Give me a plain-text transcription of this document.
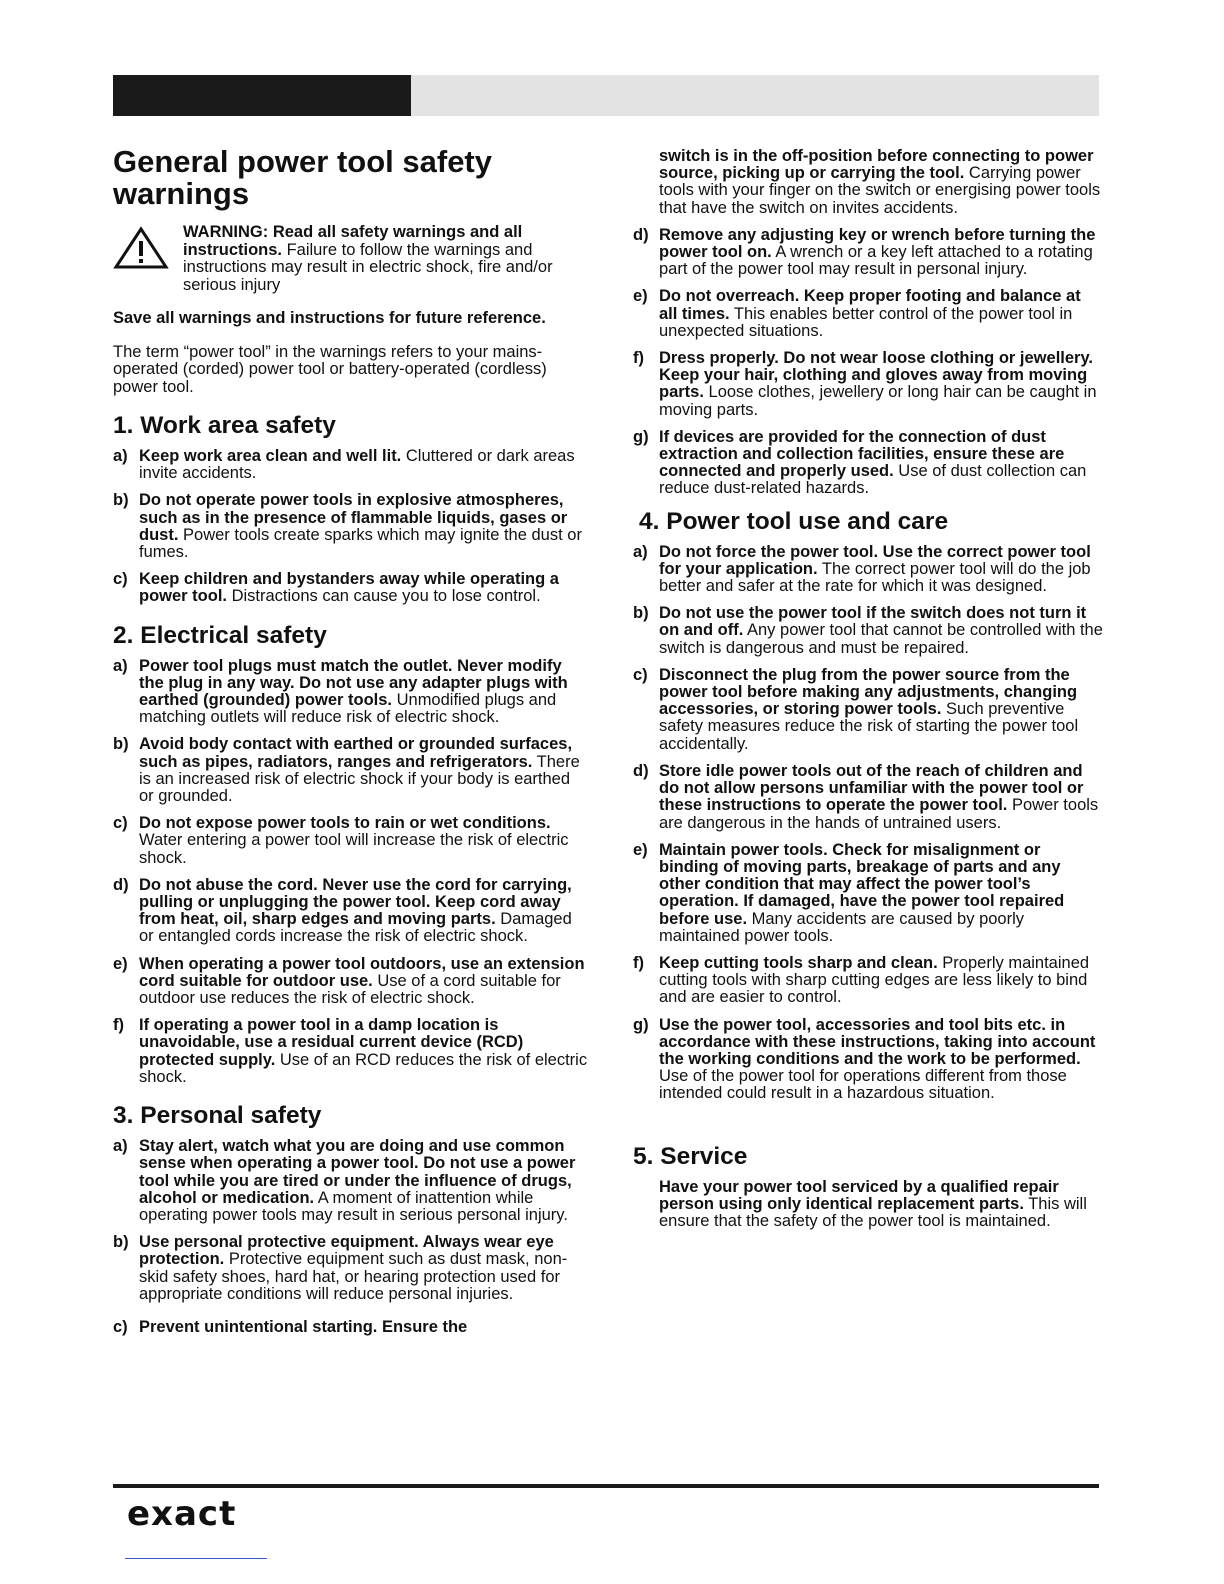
General power tool safety warnings

WARNING: Read all safety warnings and all instructions. Failure to follow the warnings and instructions may result in electric shock, fire and/or serious injury

Save all warnings and instructions for future reference.

The term “power tool” in the warnings refers to your mains-operated (corded) power tool or battery-operated (cordless) power tool.

1. Work area safety
a) Keep work area clean and well lit. Cluttered or dark areas invite accidents.
b) Do not operate power tools in explosive atmospheres, such as in the presence of flammable liquids, gases or dust. Power tools create sparks which may ignite the dust or fumes.
c) Keep children and bystanders away while operating a power tool. Distractions can cause you to lose control.
2. Electrical safety
a) Power tool plugs must match the outlet. Never modify the plug in any way. Do not use any adapter plugs with earthed (grounded) power tools. Unmodified plugs and matching outlets will reduce risk of electric shock.
b) Avoid body contact with earthed or grounded surfaces, such as pipes, radiators, ranges and refrigerators. There is an increased risk of electric shock if your body is earthed or grounded.
c) Do not expose power tools to rain or wet conditions. Water entering a power tool will increase the risk of electric shock.
d) Do not abuse the cord. Never use the cord for carrying, pulling or unplugging the power tool. Keep cord away from heat, oil, sharp edges and moving parts. Damaged or entangled cords increase the risk of electric shock.
e) When operating a power tool outdoors, use an extension cord suitable for outdoor use. Use of a cord suitable for outdoor use reduces the risk of electric shock.
f) If operating a power tool in a damp location is unavoidable, use a residual current device (RCD) protected supply. Use of an RCD reduces the risk of electric shock.
3. Personal safety
a) Stay alert, watch what you are doing and use common sense when operating a power tool. Do not use a power tool while you are tired or under the influence of drugs, alcohol or medication. A moment of inattention while operating power tools may result in serious personal injury.
b) Use personal protective equipment. Always wear eye protection. Protective equipment such as dust mask, non-skid safety shoes, hard hat, or hearing protection used for appropriate conditions will reduce personal injuries.
c) Prevent unintentional starting. Ensure the
switch is in the off-position before connecting to power source, picking up or carrying the tool. Carrying power tools with your finger on the switch or energising power tools that have the switch on invites accidents.
d) Remove any adjusting key or wrench before turning the power tool on. A wrench or a key left attached to a rotating part of the power tool may result in personal injury.
e) Do not overreach. Keep proper footing and balance at all times. This enables better control of the power tool in unexpected situations.
f) Dress properly. Do not wear loose clothing or jewellery. Keep your hair, clothing and gloves away from moving parts. Loose clothes, jewellery or long hair can be caught in moving parts.
g) If devices are provided for the connection of dust extraction and collection facilities, ensure these are connected and properly used. Use of dust collection can reduce dust-related hazards.
4. Power tool use and care
a) Do not force the power tool. Use the correct power tool for your application. The correct power tool will do the job better and safer at the rate for which it was designed.
b) Do not use the power tool if the switch does not turn it on and off. Any power tool that cannot be controlled with the switch is dangerous and must be repaired.
c) Disconnect the plug from the power source from the power tool before making any adjustments, changing accessories, or storing power tools. Such preventive safety measures reduce the risk of starting the power tool accidentally.
d) Store idle power tools out of the reach of children and do not allow persons unfamiliar with the power tool or these instructions to operate the power tool. Power tools are dangerous in the hands of untrained users.
e) Maintain power tools. Check for misalignment or binding of moving parts, breakage of parts and any other condition that may affect the power tool’s operation. If damaged, have the power tool repaired before use. Many accidents are caused by poorly maintained power tools.
f) Keep cutting tools sharp and clean. Properly maintained cutting tools with sharp cutting edges are less likely to bind and are easier to control.
g) Use the power tool, accessories and tool bits etc. in accordance with these instructions, taking into account the working conditions and the work to be performed. Use of the power tool for operations different from those intended could result in a hazardous situation.
5. Service

Have your power tool serviced by a qualified repair person using only identical replacement parts. This will ensure that the safety of the power tool is maintained.

exact
